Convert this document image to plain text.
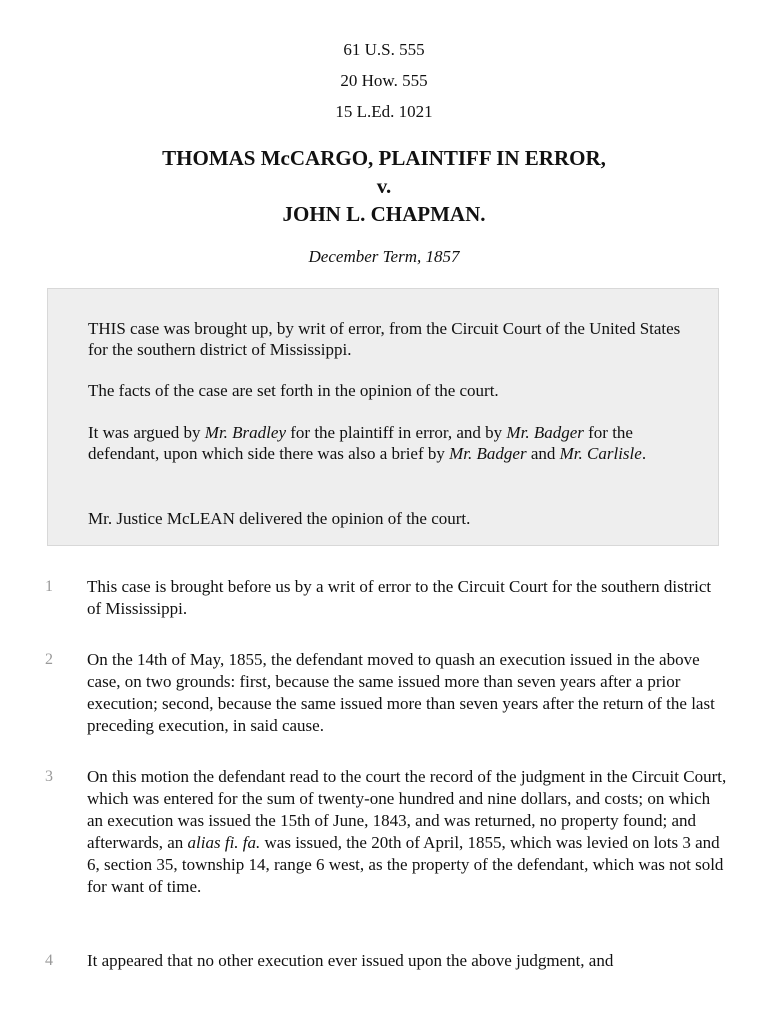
61 U.S. 555
20 How. 555
15 L.Ed. 1021
THOMAS McCARGO, PLAINTIFF IN ERROR,
v.
JOHN L. CHAPMAN.
December Term, 1857

THIS case was brought up, by writ of error, from the Circuit Court of the United States for the southern district of Mississippi.

The facts of the case are set forth in the opinion of the court.

It was argued by Mr. Bradley for the plaintiff in error, and by Mr. Badger for the defendant, upon which side there was also a brief by Mr. Badger and Mr. Carlisle.

Mr. Justice McLEAN delivered the opinion of the court.

1 This case is brought before us by a writ of error to the Circuit Court for the southern district of Mississippi.

2 On the 14th of May, 1855, the defendant moved to quash an execution issued in the above case, on two grounds: first, because the same issued more than seven years after a prior execution; second, because the same issued more than seven years after the return of the last preceding execution, in said cause.

3 On this motion the defendant read to the court the record of the judgment in the Circuit Court, which was entered for the sum of twenty-one hundred and nine dollars, and costs; on which an execution was issued the 15th of June, 1843, and was returned, no property found; and afterwards, an alias fi. fa. was issued, the 20th of April, 1855, which was levied on lots 3 and 6, section 35, township 14, range 6 west, as the property of the defendant, which was not sold for want of time.

4 It appeared that no other execution ever issued upon the above judgment, and
